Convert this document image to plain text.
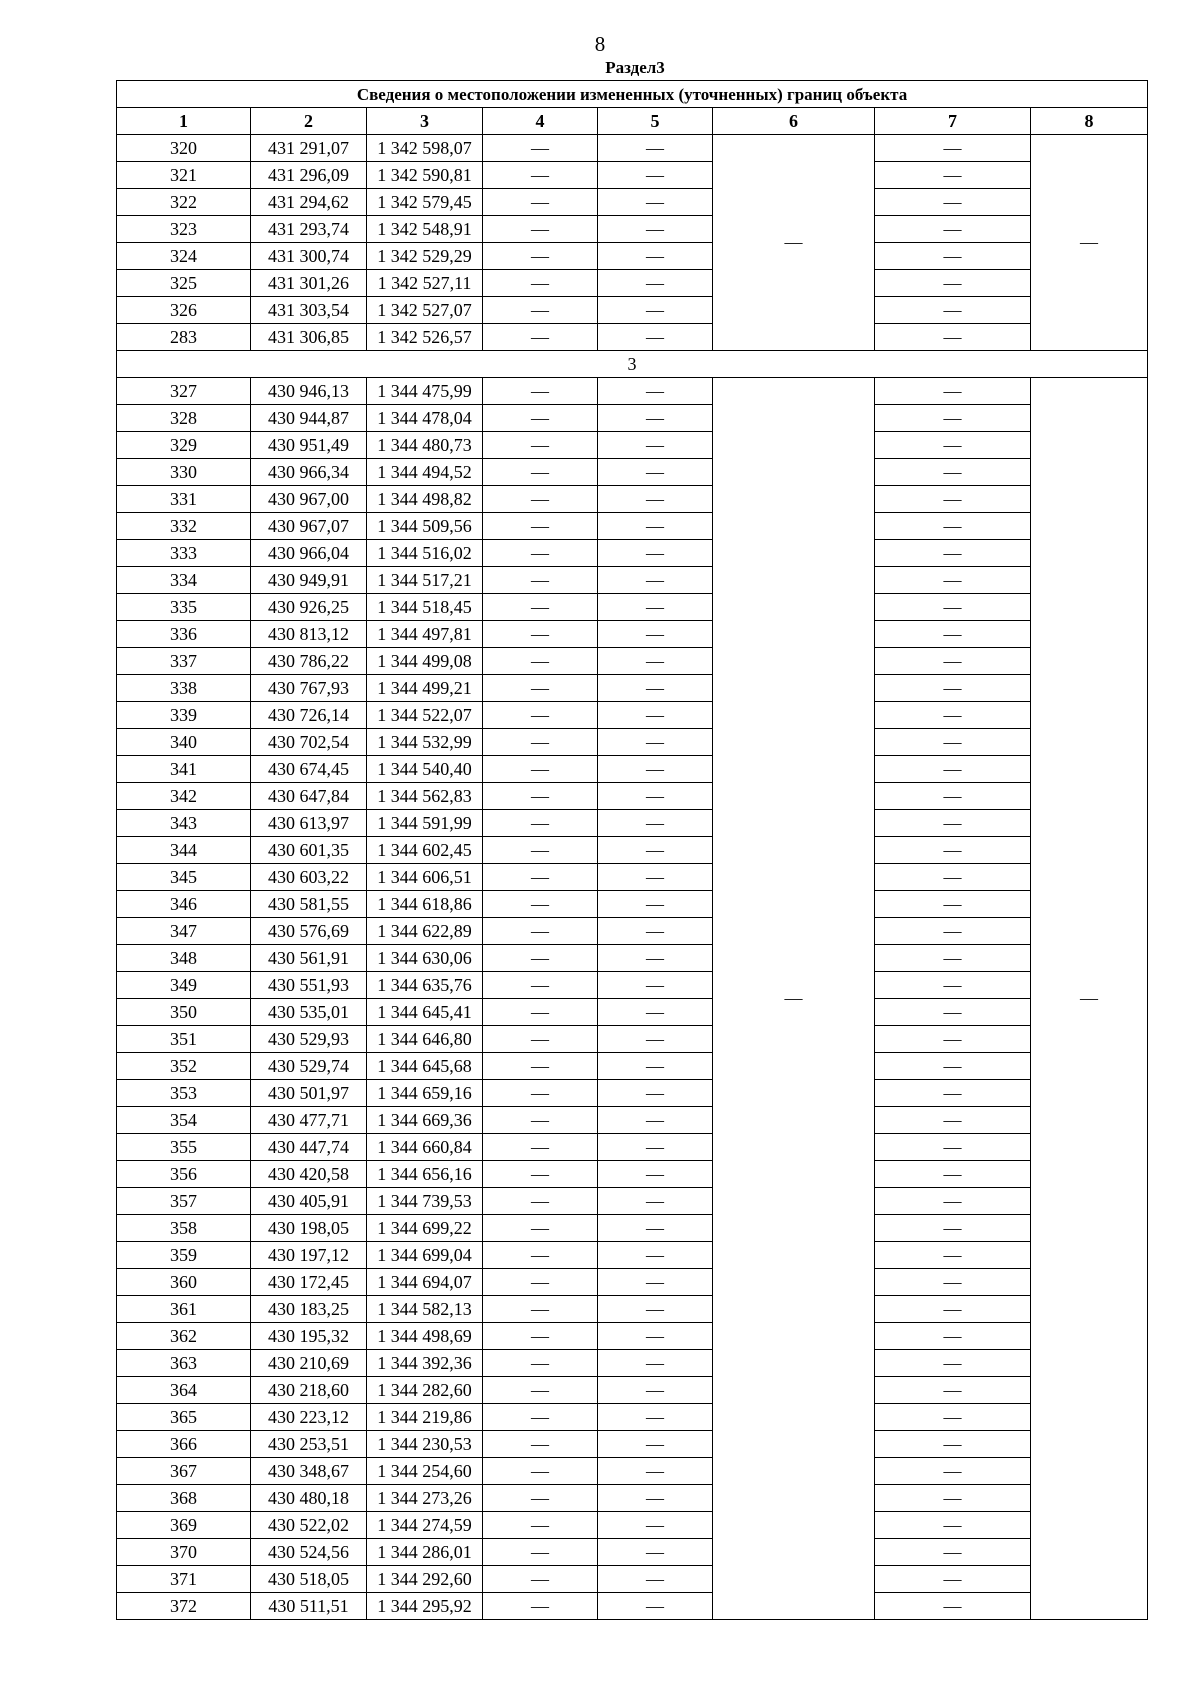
8
Раздел3
Сведения о местоположении измененных (уточненных) границ объекта							
1	2	3	4	5	6	7	8
320	431 291,07	1 342 598,07	—	—	—	—	—
321	431 296,09	1 342 590,81	—	—		—	
322	431 294,62	1 342 579,45	—	—		—	
323	431 293,74	1 342 548,91	—	—		—	
324	431 300,74	1 342 529,29	—	—		—	
325	431 301,26	1 342 527,11	—	—		—	
326	431 303,54	1 342 527,07	—	—		—	
283	431 306,85	1 342 526,57	—	—		—	
3							
327	430 946,13	1 344 475,99	—	—	—	—	—
328	430 944,87	1 344 478,04	—	—		—	
329	430 951,49	1 344 480,73	—	—		—	
330	430 966,34	1 344 494,52	—	—		—	
331	430 967,00	1 344 498,82	—	—		—	
332	430 967,07	1 344 509,56	—	—		—	
333	430 966,04	1 344 516,02	—	—		—	
334	430 949,91	1 344 517,21	—	—		—	
335	430 926,25	1 344 518,45	—	—		—	
336	430 813,12	1 344 497,81	—	—		—	
337	430 786,22	1 344 499,08	—	—		—	
338	430 767,93	1 344 499,21	—	—		—	
339	430 726,14	1 344 522,07	—	—		—	
340	430 702,54	1 344 532,99	—	—		—	
341	430 674,45	1 344 540,40	—	—		—	
342	430 647,84	1 344 562,83	—	—		—	
343	430 613,97	1 344 591,99	—	—		—	
344	430 601,35	1 344 602,45	—	—		—	
345	430 603,22	1 344 606,51	—	—		—	
346	430 581,55	1 344 618,86	—	—		—	
347	430 576,69	1 344 622,89	—	—		—	
348	430 561,91	1 344 630,06	—	—		—	
349	430 551,93	1 344 635,76	—	—		—	
350	430 535,01	1 344 645,41	—	—		—	
351	430 529,93	1 344 646,80	—	—		—	
352	430 529,74	1 344 645,68	—	—		—	
353	430 501,97	1 344 659,16	—	—		—	
354	430 477,71	1 344 669,36	—	—		—	
355	430 447,74	1 344 660,84	—	—		—	
356	430 420,58	1 344 656,16	—	—		—	
357	430 405,91	1 344 739,53	—	—		—	
358	430 198,05	1 344 699,22	—	—		—	
359	430 197,12	1 344 699,04	—	—		—	
360	430 172,45	1 344 694,07	—	—		—	
361	430 183,25	1 344 582,13	—	—		—	
362	430 195,32	1 344 498,69	—	—		—	
363	430 210,69	1 344 392,36	—	—		—	
364	430 218,60	1 344 282,60	—	—		—	
365	430 223,12	1 344 219,86	—	—		—	
366	430 253,51	1 344 230,53	—	—		—	
367	430 348,67	1 344 254,60	—	—		—	
368	430 480,18	1 344 273,26	—	—		—	
369	430 522,02	1 344 274,59	—	—		—	
370	430 524,56	1 344 286,01	—	—		—	
371	430 518,05	1 344 292,60	—	—		—	
372	430 511,51	1 344 295,92	—	—		—	
